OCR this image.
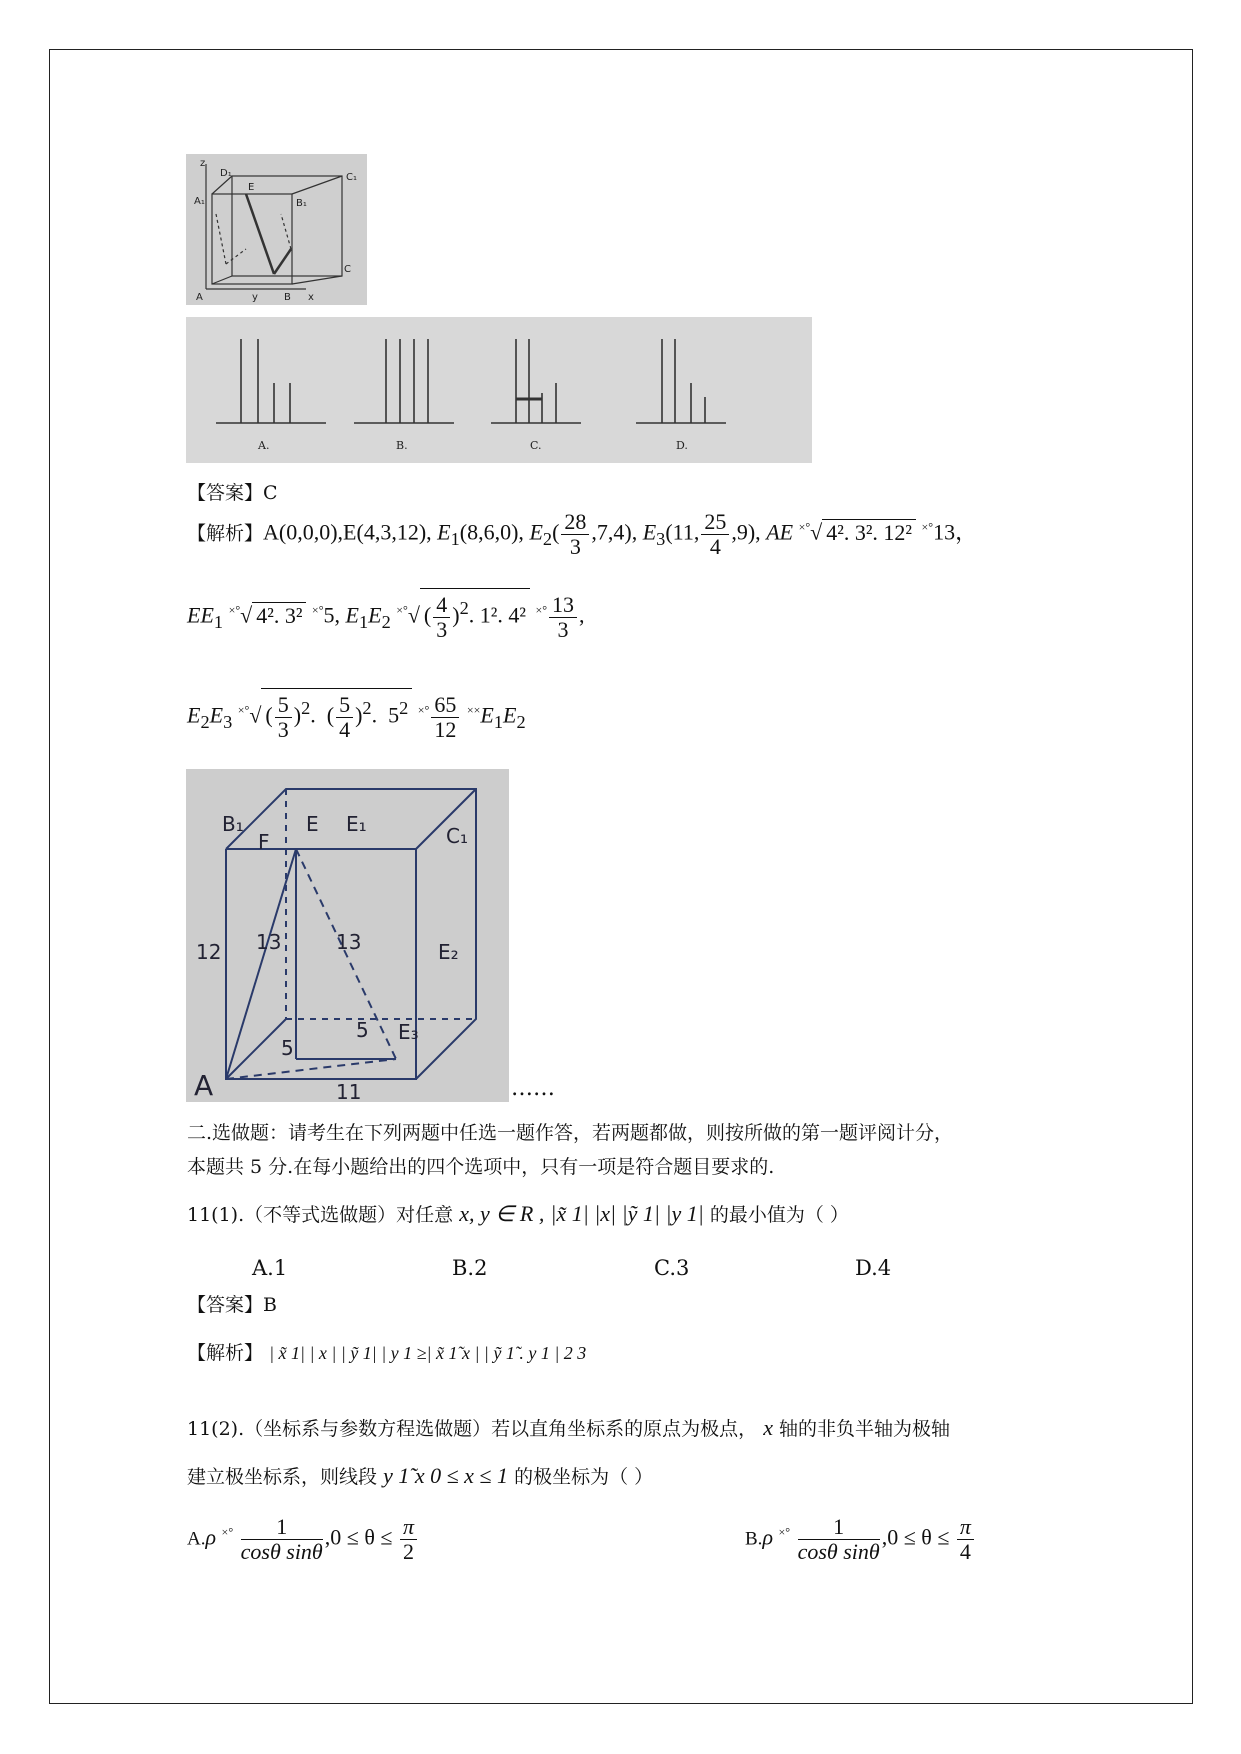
z
D₁	C₁
A₁
E
B₁
C
A	B x
y
A.	B.	C.	D.
【答案】C
【解析】A(0,0,0),E(4,3,12), $E_1(8,6,0)$, $E_2( \frac{28}{3} ,7,4)$, $E_3(11$, $\frac{25}{4} ,9$), AE ×°√ 4². 3². 12² ×°13，
$EE_1$ ×°√ 4². 3² ×°5, $E_1E_2$ ×°√ ( $\frac{4}{3} )^2$. 1². 4² $^{\times^\circ} \frac{13}{3}$ ,
$E_2E_3$ ×°√ ( $\frac{5}{3} )^2$.  ( $\frac{5}{4} )^2$.  $5^2$ $^{\times^\circ} \frac{65}{12} ^{\times\times}E_1E_2$
B₁	E E₁	C₁
F
12 13	13	E₂
5
5 E₃
A	11	……
二.选做题：请考生在下列两题中任选一题作答，若两题都做，则按所做的第一题评阅计分，
本题共 5 分.在每小题给出的四个选项中，只有一项是符合题目要求的.
11(1).（不等式选做题）对任意 x, y ∈ R , |x̃ 1| |x| |ỹ 1| |y 1| 的最小值为（ ）
A.1	B.2	C.3	D.4
【答案】B
【解析】 | x̃ 1| | x | | ỹ 1| | y 1 ≥| x̃ 1̃ x | | ỹ 1̃ . y 1 | 2 3
11(2).（坐标系与参数方程选做题）若以直角坐标系的原点为极点， x 轴的非负半轴为极轴
建立极坐标系，则线段 y 1̃ x 0 ≤ x ≤ 1 的极坐标为（ ）
A.ρ $^{\times^\circ} \frac{1}{\text{cosθ sinθ}} ,0 \le \theta \le \frac{\pi}{2}$	B.ρ $^{\times^\circ} \frac{1}{\text{cosθ sinθ}} ,0 \le \theta \le \frac{\pi}{4}$
